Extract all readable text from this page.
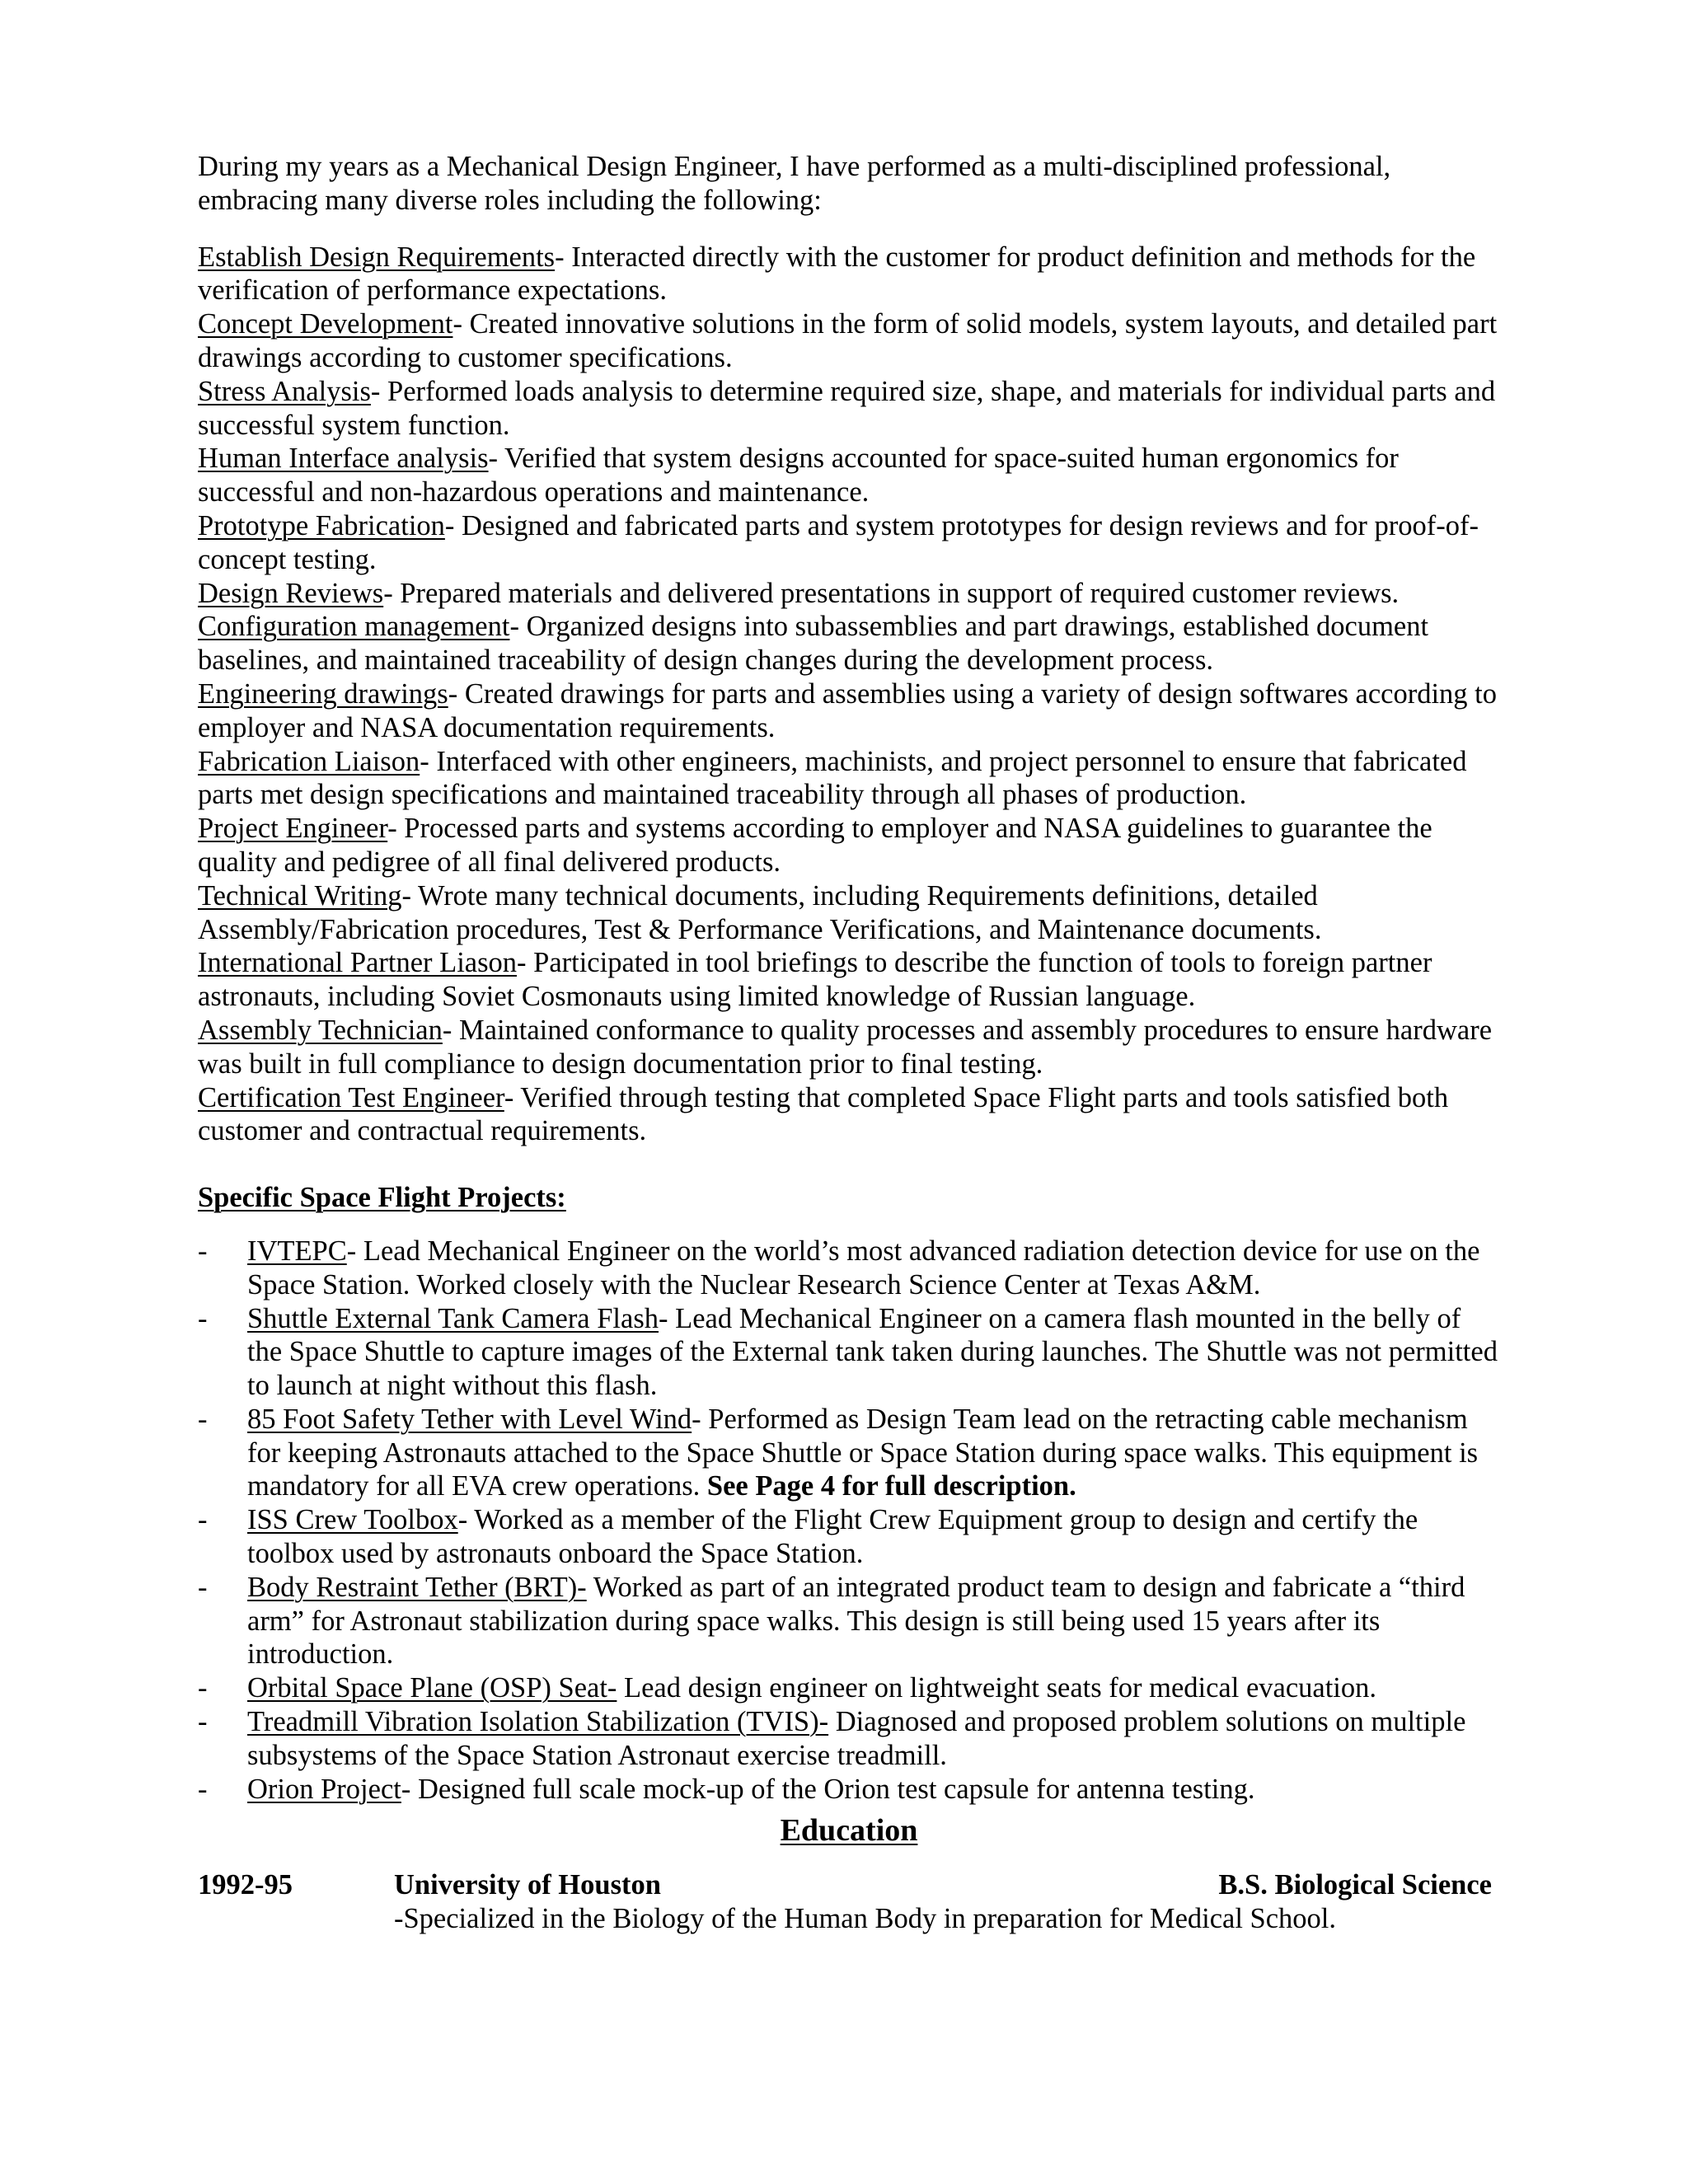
During my years as a Mechanical Design Engineer, I have performed as a multi-disciplined professional, embracing many diverse roles including the following:

Establish Design Requirements- Interacted directly with the customer for product definition and methods for the verification of performance expectations.

Concept Development- Created innovative solutions in the form of solid models, system layouts, and detailed part drawings according to customer specifications.

Stress Analysis- Performed loads analysis to determine required size, shape, and materials for individual parts and successful system function.

Human Interface analysis- Verified that system designs accounted for space-suited human ergonomics for successful and non-hazardous operations and maintenance.

Prototype Fabrication- Designed and fabricated parts and system prototypes for design reviews and for proof-of-concept testing.

Design Reviews- Prepared materials and delivered presentations in support of required customer reviews.

Configuration management- Organized designs into subassemblies and part drawings, established document baselines, and maintained traceability of design changes during the development process.

Engineering drawings- Created drawings for parts and assemblies using a variety of design softwares according to employer and NASA documentation requirements.

Fabrication Liaison- Interfaced with other engineers, machinists, and project personnel to ensure that fabricated parts met design specifications and maintained traceability through all phases of production.

Project Engineer- Processed parts and systems according to employer and NASA guidelines to guarantee the quality and pedigree of all final delivered products.

Technical Writing- Wrote many technical documents, including Requirements definitions, detailed Assembly/Fabrication procedures, Test & Performance Verifications, and Maintenance documents.

International Partner Liason- Participated in tool briefings to describe the function of tools to foreign partner astronauts, including Soviet Cosmonauts using limited knowledge of Russian language.

Assembly Technician- Maintained conformance to quality processes and assembly procedures to ensure hardware was built in full compliance to design documentation prior to final testing.

Certification Test Engineer- Verified through testing that completed Space Flight parts and tools satisfied both customer and contractual requirements.

Specific Space Flight Projects:
- IVTEPC- Lead Mechanical Engineer on the world’s most advanced radiation detection device for use on the Space Station. Worked closely with the Nuclear Research Science Center at Texas A&M.
- Shuttle External Tank Camera Flash- Lead Mechanical Engineer on a camera flash mounted in the belly of the Space Shuttle to capture images of the External tank taken during launches. The Shuttle was not permitted to launch at night without this flash.
- 85 Foot Safety Tether with Level Wind- Performed as Design Team lead on the retracting cable mechanism for keeping Astronauts attached to the Space Shuttle or Space Station during space walks. This equipment is mandatory for all EVA crew operations. See Page 4 for full description.
- ISS Crew Toolbox- Worked as a member of the Flight Crew Equipment group to design and certify the toolbox used by astronauts onboard the Space Station.
- Body Restraint Tether (BRT)- Worked as part of an integrated product team to design and fabricate a “third arm” for Astronaut stabilization during space walks. This design is still being used 15 years after its introduction.
- Orbital Space Plane (OSP) Seat- Lead design engineer on lightweight seats for medical evacuation.
- Treadmill Vibration Isolation Stabilization (TVIS)- Diagnosed and proposed problem solutions on multiple subsystems of the Space Station Astronaut exercise treadmill.
- Orion Project- Designed full scale mock-up of the Orion test capsule for antenna testing.
Education
1992-95	University of Houston	B.S. Biological Science
-Specialized in the Biology of the Human Body in preparation for Medical School.
